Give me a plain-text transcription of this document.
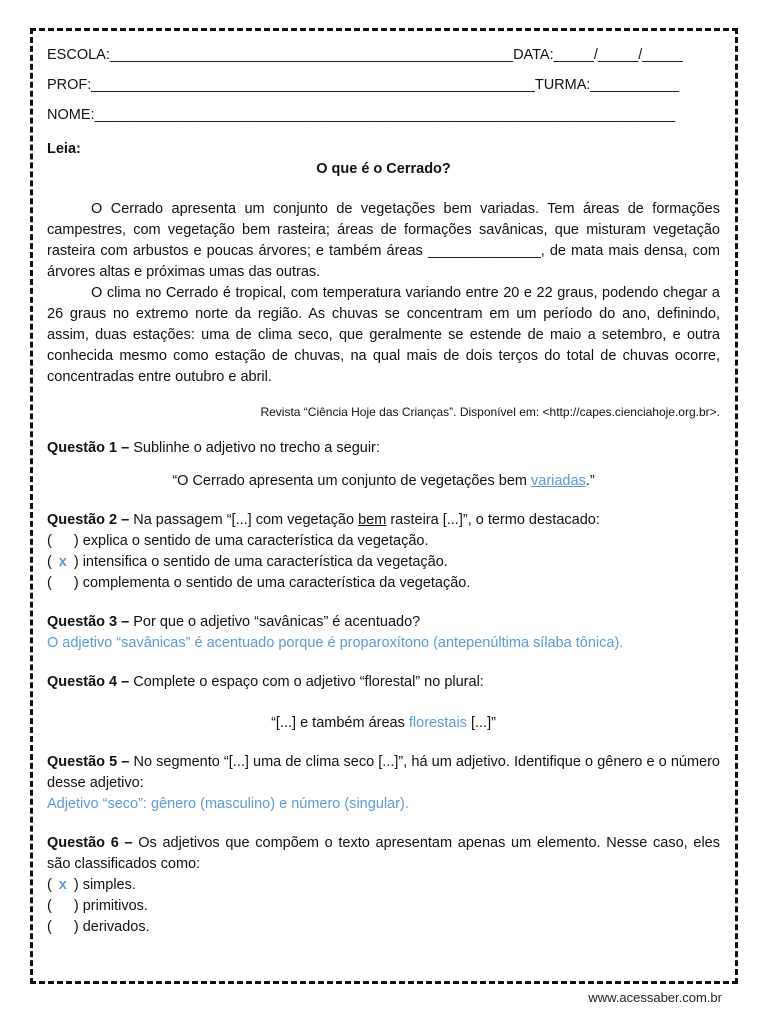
ESCOLA:__________________________________________________DATA:_____/_____/_____
PROF:_______________________________________________________TURMA:___________
NOME:________________________________________________________________________
Leia:
O que é o Cerrado?

O Cerrado apresenta um conjunto de vegetações bem variadas. Tem áreas de formações campestres, com vegetação bem rasteira; áreas de formações savânicas, que misturam vegetação rasteira com arbustos e poucas árvores; e também áreas ______________, de mata mais densa, com árvores altas e próximas umas das outras.

O clima no Cerrado é tropical, com temperatura variando entre 20 e 22 graus, podendo chegar a 26 graus no extremo norte da região. As chuvas se concentram em um período do ano, definindo, assim, duas estações: uma de clima seco, que geralmente se estende de maio a setembro, e outra conhecida mesmo como estação de chuvas, na qual mais de dois terços do total de chuvas ocorre, concentradas entre outubro e abril.

Revista “Ciência Hoje das Crianças”. Disponível em: <http://capes.cienciahoje.org.br>.
Questão 1 – Sublinhe o adjetivo no trecho a seguir:
“O Cerrado apresenta um conjunto de vegetações bem variadas.”
Questão 2 – Na passagem “[...] com vegetação bem rasteira [...]”, o termo destacado:
( ) explica o sentido de uma característica da vegetação.
( x ) intensifica o sentido de uma característica da vegetação.
( ) complementa o sentido de uma característica da vegetação.
Questão 3 – Por que o adjetivo “savânicas” é acentuado?
O adjetivo “savânicas” é acentuado porque é proparoxítono (antepenúltima sílaba tônica).
Questão 4 – Complete o espaço com o adjetivo “florestal” no plural:
“[...] e também áreas florestais [...]”
Questão 5 – No segmento “[...] uma de clima seco [...]”, há um adjetivo. Identifique o gênero e o número desse adjetivo:
Adjetivo “seco”: gênero (masculino) e número (singular).
Questão 6 – Os adjetivos que compõem o texto apresentam apenas um elemento. Nesse caso, eles são classificados como:
( x ) simples.
( ) primitivos.
( ) derivados.
www.acessaber.com.br
